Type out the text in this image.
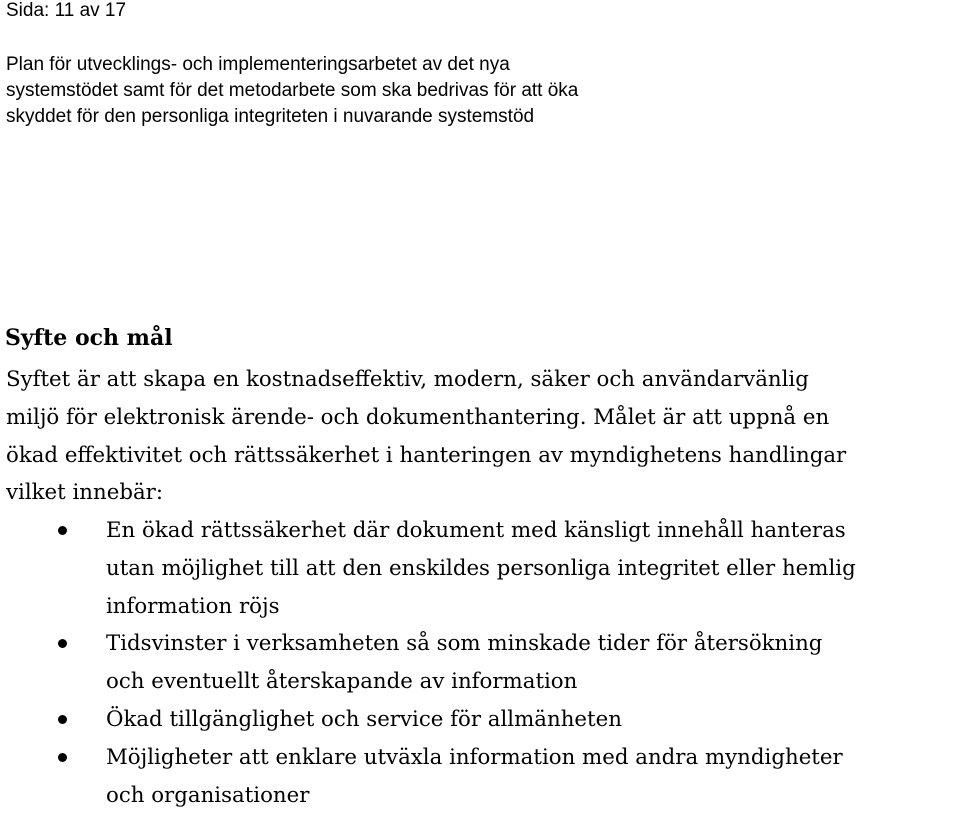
Sida: 11 av 17
Plan för utvecklings- och implementeringsarbetet av det nya
systemstödet samt för det metodarbete som ska bedrivas för att öka
skyddet för den personliga integriteten i nuvarande systemstöd
Syfte och mål

Syftet är att skapa en kostnadseffektiv, modern, säker och användarvänlig
miljö för elektronisk ärende- och dokumenthantering. Målet är att uppnå en
ökad effektivitet och rättssäkerhet i hanteringen av myndighetens handlingar
vilket innebär:

En ökad rättssäkerhet där dokument med känsligt innehåll hanteras
utan möjlighet till att den enskildes personliga integritet eller hemlig
information röjs
Tidsvinster i verksamheten så som minskade tider för återsökning
och eventuellt återskapande av information
Ökad tillgänglighet och service för allmänheten
Möjligheter att enklare utväxla information med andra myndigheter
och organisationer
